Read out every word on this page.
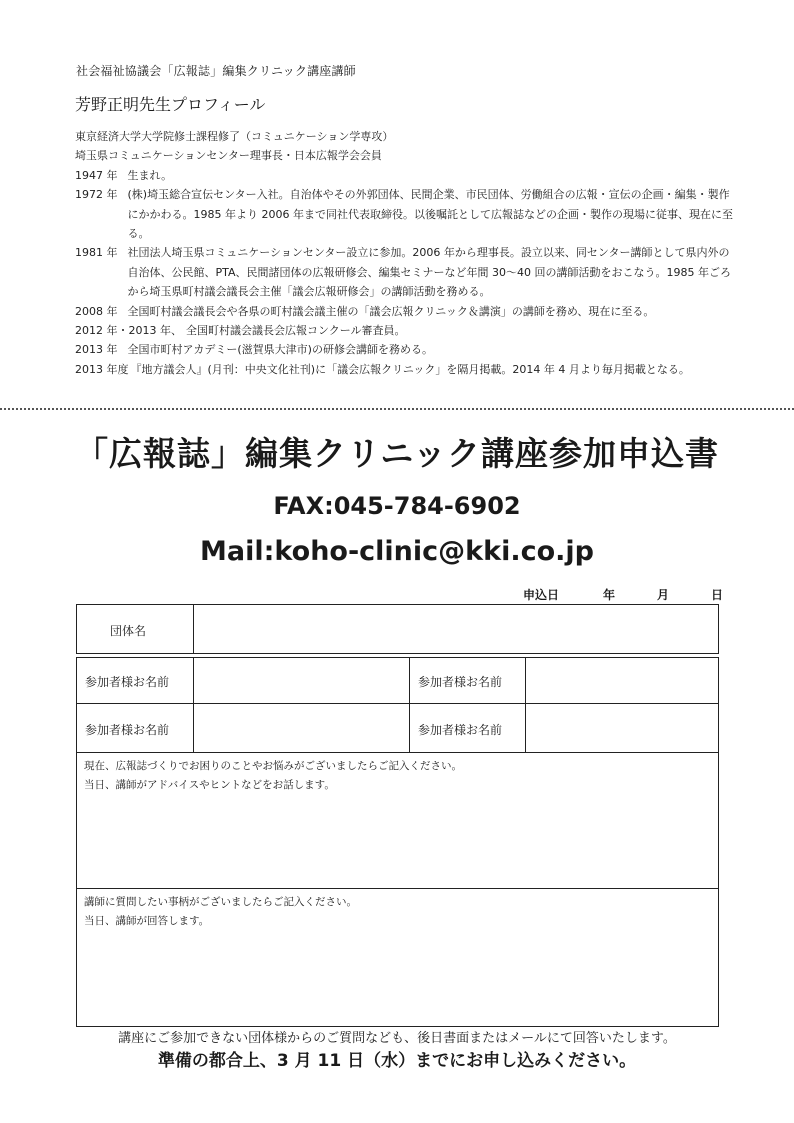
社会福祉協議会「広報誌」編集クリニック講座講師
芳野正明先生プロフィール
東京経済大学大学院修士課程修了（コミュニケーション学専攻）
埼玉県コミュニケーションセンター理事長・日本広報学会会員
1947 年 生まれ。
1972 年 (株)埼玉総合宣伝センター入社。自治体やその外郭団体、民間企業、市民団体、労働組合の広報・宣伝の企画・編集・製作にかかわる。1985 年より 2006 年まで同社代表取締役。以後嘱託として広報誌などの企画・製作の現場に従事、現在に至る。
1981 年 社団法人埼玉県コミュニケーションセンター設立に参加。2006 年から理事長。設立以来、同センター講師として県内外の自治体、公民館、PTA、民間諸団体の広報研修会、編集セミナーなど年間 30～40 回の講師活動をおこなう。1985 年ごろから埼玉県町村議会議長会主催「議会広報研修会」の講師活動を務める。
2008 年 全国町村議会議長会や各県の町村議会議主催の「議会広報クリニック＆講演」の講師を務め、現在に至る。
2012 年・2013 年、 全国町村議会議長会広報コンクール審査員。
2013 年 全国市町村アカデミー(滋賀県大津市)の研修会講師を務める。
2013 年度 『地方議会人』(月刊：中央文化社刊)に「議会広報クリニック」を隔月掲載。2014 年 4 月より毎月掲載となる。
「広報誌」編集クリニック講座参加申込書
FAX:045-784-6902
Mail:koho-clinic@kki.co.jp
申込日	年	月	日
団体名
参加者様お名前	参加者様お名前
参加者様お名前	参加者様お名前
現在、広報誌づくりでお困りのことやお悩みがございましたらご記入ください。
当日、講師がアドバイスやヒントなどをお話します。
講師に質問したい事柄がございましたらご記入ください。
当日、講師が回答します。
講座にご参加できない団体様からのご質問なども、後日書面またはメールにて回答いたします。
準備の都合上、3 月 11 日（水）までにお申し込みください。
